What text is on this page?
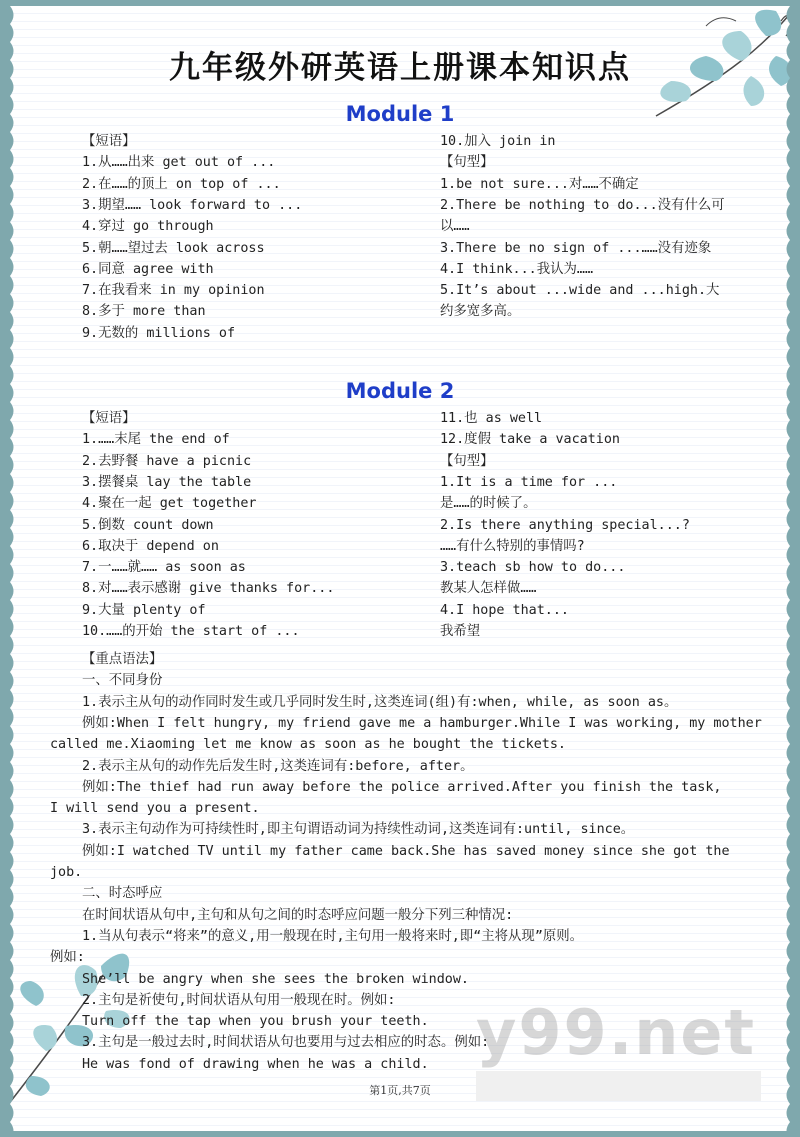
九年级外研英语上册课本知识点
Module 1
【短语】
1.从……出来 get out of ...
2.在……的顶上 on top of ...
3.期望…… look forward to ...
4.穿过 go through
5.朝……望过去 look across
6.同意 agree with
7.在我看来 in my opinion
8.多于 more than
9.无数的 millions of
10.加入 join in
【句型】
1.be not sure...对……不确定
2.There be nothing to do...没有什么可
以……
3.There be no sign of ...……没有迹象
4.I think...我认为……
5.It’s about ...wide and ...high.大
约多宽多高。
Module 2
【短语】
1.……末尾 the end of
2.去野餐 have a picnic
3.摆餐桌 lay the table
4.聚在一起 get together
5.倒数 count down
6.取决于 depend on
7.一……就…… as soon as
8.对……表示感谢 give thanks for...
9.大量 plenty of
10.……的开始 the start of ...
11.也 as well
12.度假 take a vacation
【句型】
1.It is a time for ...
是……的时候了。
2.Is there anything special...?
……有什么特别的事情吗?
3.teach sb how to do...
教某人怎样做……
4.I hope that...
我希望
【重点语法】
一、不同身份
1.表示主从句的动作同时发生或几乎同时发生时,这类连词(组)有:when, while, as soon as。
例如:When I felt hungry, my friend gave me a hamburger.While I was working, my mother
called me.Xiaoming let me know as soon as he bought the tickets.
2.表示主从句的动作先后发生时,这类连词有:before, after。
例如:The thief had run away before the police arrived.After you finish the task,
I will send you a present.
3.表示主句动作为可持续性时,即主句谓语动词为持续性动词,这类连词有:until, since。
例如:I watched TV until my father came back.She has saved money since she got the
job.
二、时态呼应
在时间状语从句中,主句和从句之间的时态呼应问题一般分下列三种情况:
1.当从句表示“将来”的意义,用一般现在时,主句用一般将来时,即“主将从现”原则。
例如:
She’ll be angry when she sees the broken window.
2.主句是祈使句,时间状语从句用一般现在时。例如:
Turn off the tap when you brush your teeth.
3.主句是一般过去时,时间状语从句也要用与过去相应的时态。例如:
He was fond of drawing when he was a child. y99.net
第1页,共7页
